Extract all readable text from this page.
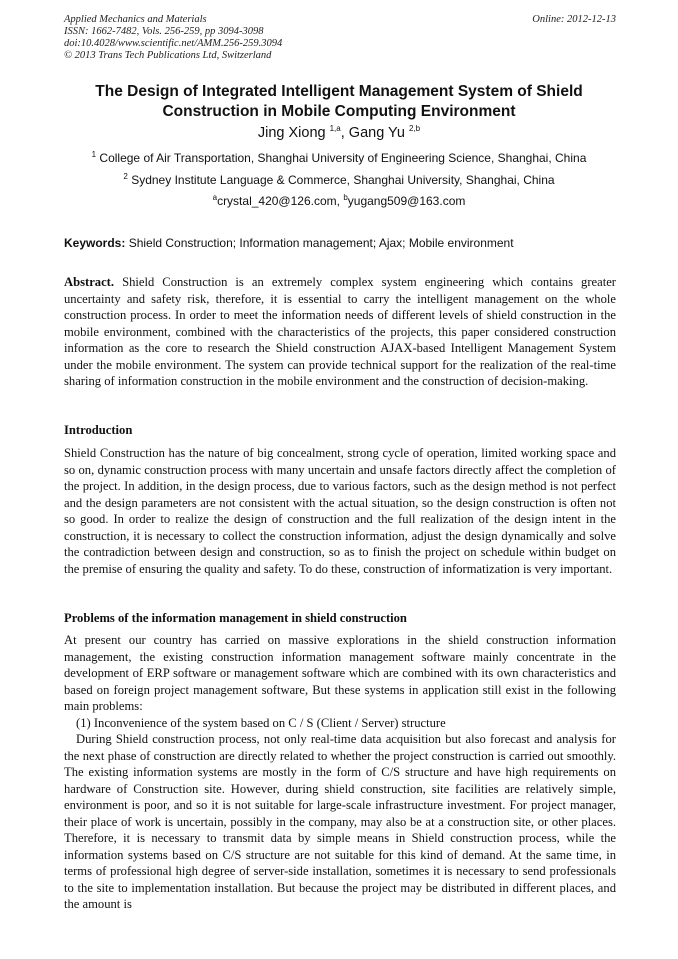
Applied Mechanics and Materials
ISSN: 1662-7482, Vols. 256-259, pp 3094-3098
doi:10.4028/www.scientific.net/AMM.256-259.3094
© 2013 Trans Tech Publications Ltd, Switzerland
Online: 2012-12-13
The Design of Integrated Intelligent Management System of Shield
Construction in Mobile Computing Environment
Jing Xiong $^{1,a}$, Gang Yu $^{2,b}$
$^1$ College of Air Transportation, Shanghai University of Engineering Science, Shanghai, China
$^2$ Sydney Institute Language & Commerce, Shanghai University, Shanghai, China
$^a$crystal_420@126.com, $^b$yugang509@163.com
Keywords: Shield Construction; Information management; Ajax; Mobile environment

Abstract. Shield Construction is an extremely complex system engineering which contains greater uncertainty and safety risk, therefore, it is essential to carry the intelligent management on the whole construction process. In order to meet the information needs of different levels of shield construction in the mobile environment, combined with the characteristics of the projects, this paper considered construction information as the core to research the Shield construction AJAX-based Intelligent Management System under the mobile environment. The system can provide technical support for the realization of the real-time sharing of information construction in the mobile environment and the construction of decision-making.

Introduction

Shield Construction has the nature of big concealment, strong cycle of operation, limited working space and so on, dynamic construction process with many uncertain and unsafe factors directly affect the completion of the project. In addition, in the design process, due to various factors, such as the design method is not perfect and the design parameters are not consistent with the actual situation, so the design construction is often not so good. In order to realize the design of construction and the full realization of the design intent in the construction, it is necessary to collect the construction information, adjust the design dynamically and solve the contradiction between design and construction, so as to finish the project on schedule within budget on the premise of ensuring the quality and safety. To do these, construction of informatization is very important.

Problems of the information management in shield construction

At present our country has carried on massive explorations in the shield construction information management, the existing construction information management software mainly concentrate in the development of ERP software or management software which are combined with its own characteristics and based on foreign project management software, But these systems in application still exist in the following main problems:

(1) Inconvenience of the system based on C / S (Client / Server) structure

During Shield construction process, not only real-time data acquisition but also forecast and analysis for the next phase of construction are directly related to whether the project construction is carried out smoothly. The existing information systems are mostly in the form of C/S structure and have high requirements on hardware of Construction site. However, during shield construction, site facilities are relatively simple, environment is poor, and so it is not suitable for large-scale infrastructure investment. For project manager, their place of work is uncertain, possibly in the company, may also be at a construction site, or other places. Therefore, it is necessary to transmit data by simple means in Shield construction process, while the information systems based on C/S structure are not suitable for this kind of demand. At the same time, in terms of professional high degree of server-side installation, sometimes it is necessary to send professionals to the site to implementation installation. But because the project may be distributed in different places, and the amount is
